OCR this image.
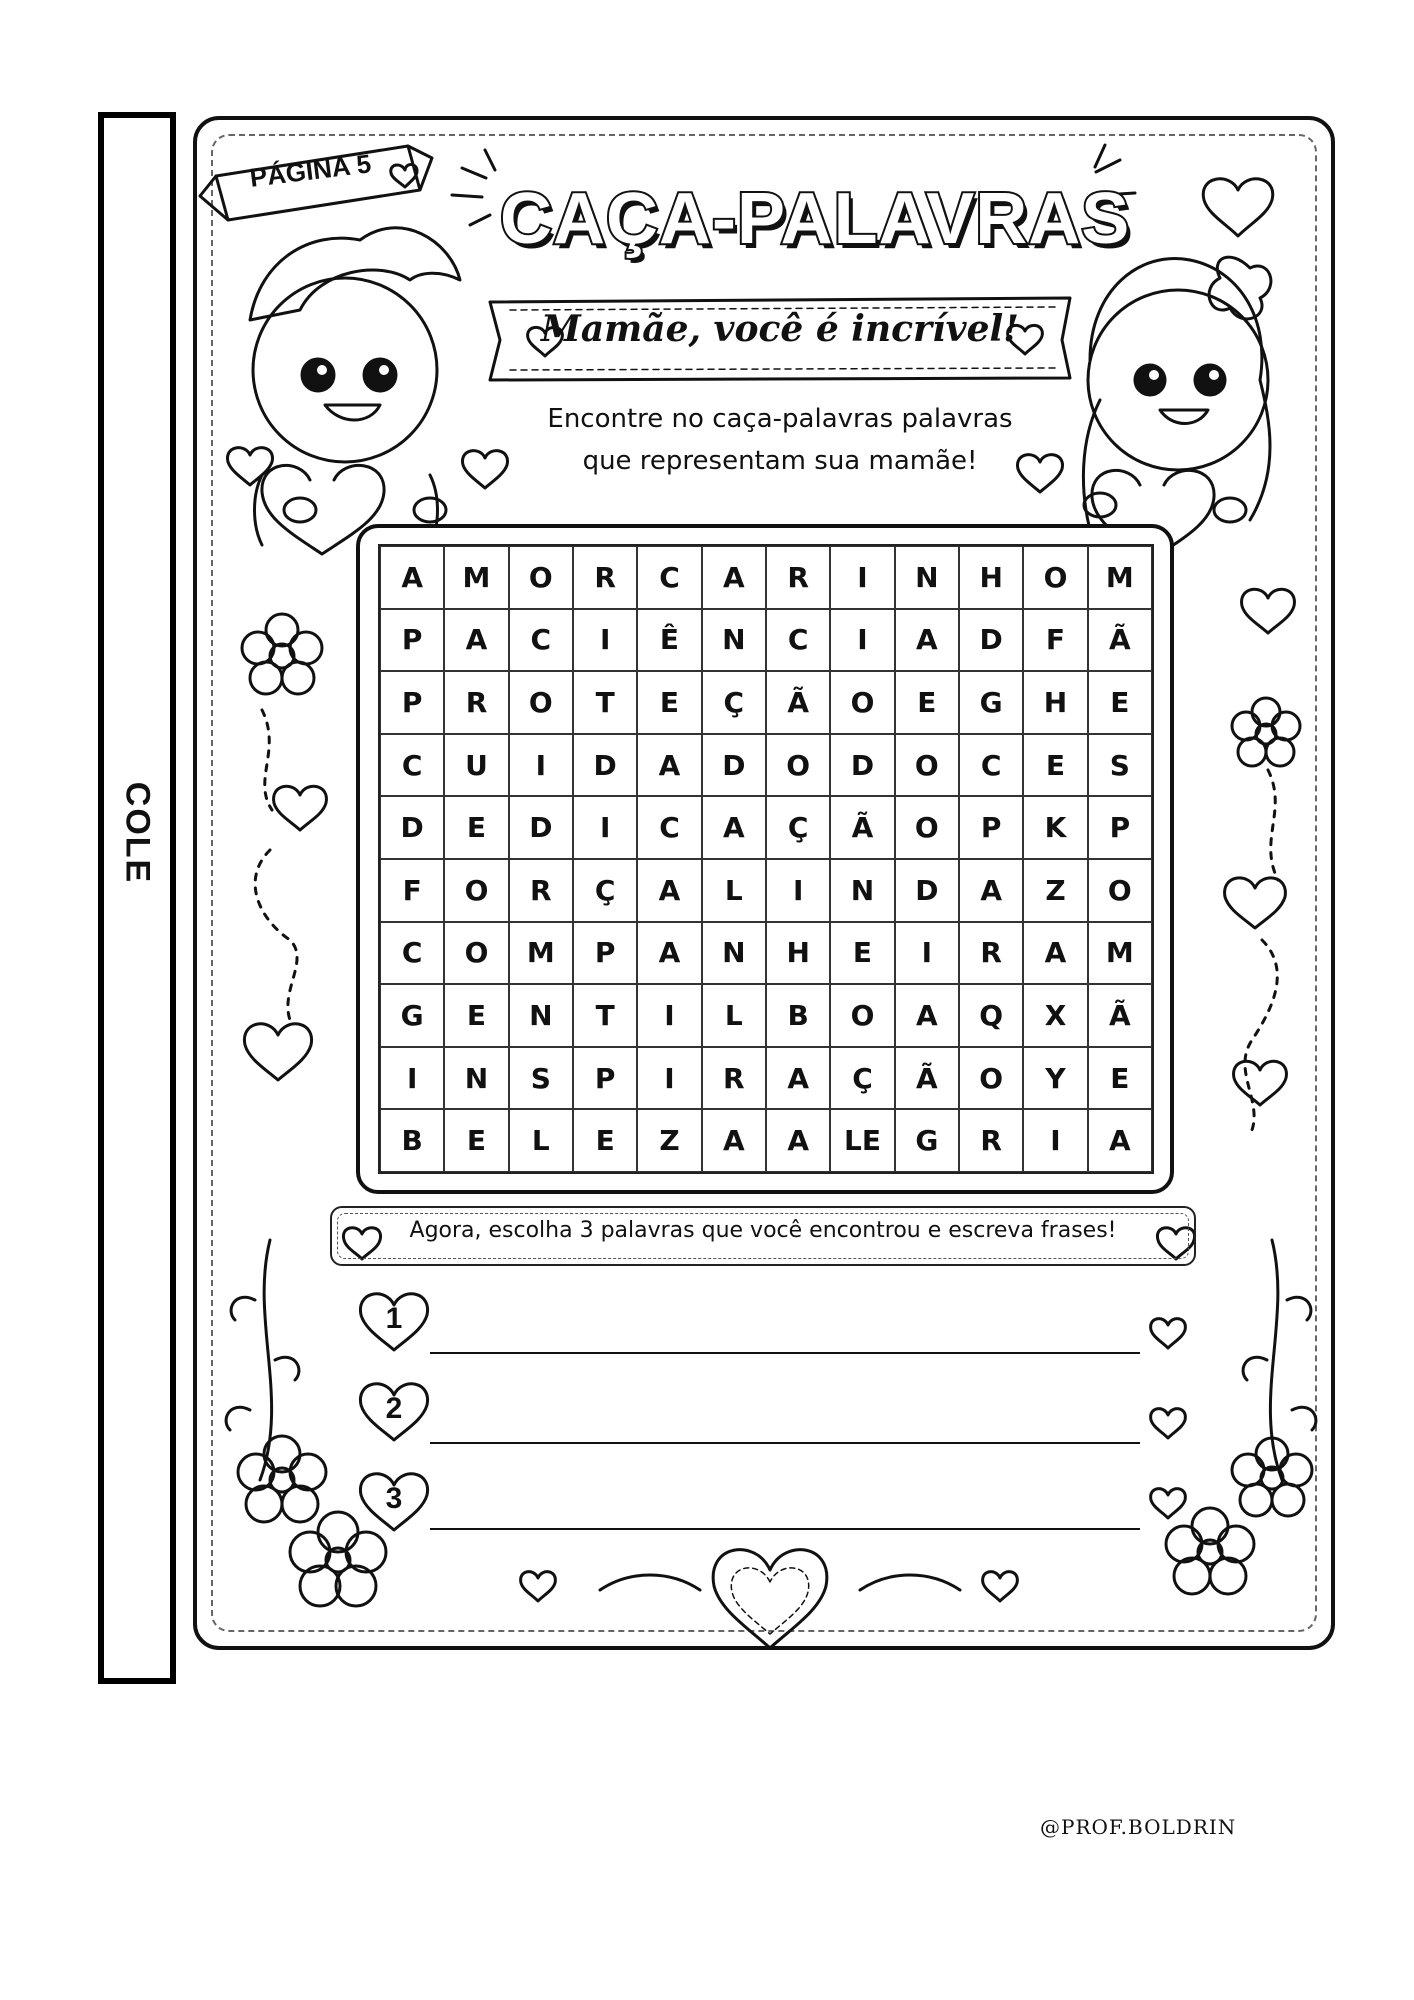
COLE
PÁGINA 5
CAÇA-PALAVRAS
Mamãe, você é incrível!
Encontre no caça-palavras palavras
que representam sua mamãe!
A	M	O	R	C	A	R	I	N	H	O	M
P	A	C	I	Ê	N	C	I	A	D	F	Ã
P	R	O	T	E	Ç	Ã	O	E	G	H	E
C	U	I	D	A	D	O	D	O	C	E	S
D	E	D	I	C	A	Ç	Ã	O	P	K	P
F	O	R	Ç	A	L	I	N	D	A	Z	O
C	O	M	P	A	N	H	E	I	R	A	M
G	E	N	T	I	L	B	O	A	Q	X	Ã
I	N	S	P	I	R	A	Ç	Ã	O	Y	E
B	E	L	E	Z	A	A	L E	G	R	I	A
Agora, escolha 3 palavras que você encontrou e escreva frases!
1
2
3
@PROF.BOLDRIN
